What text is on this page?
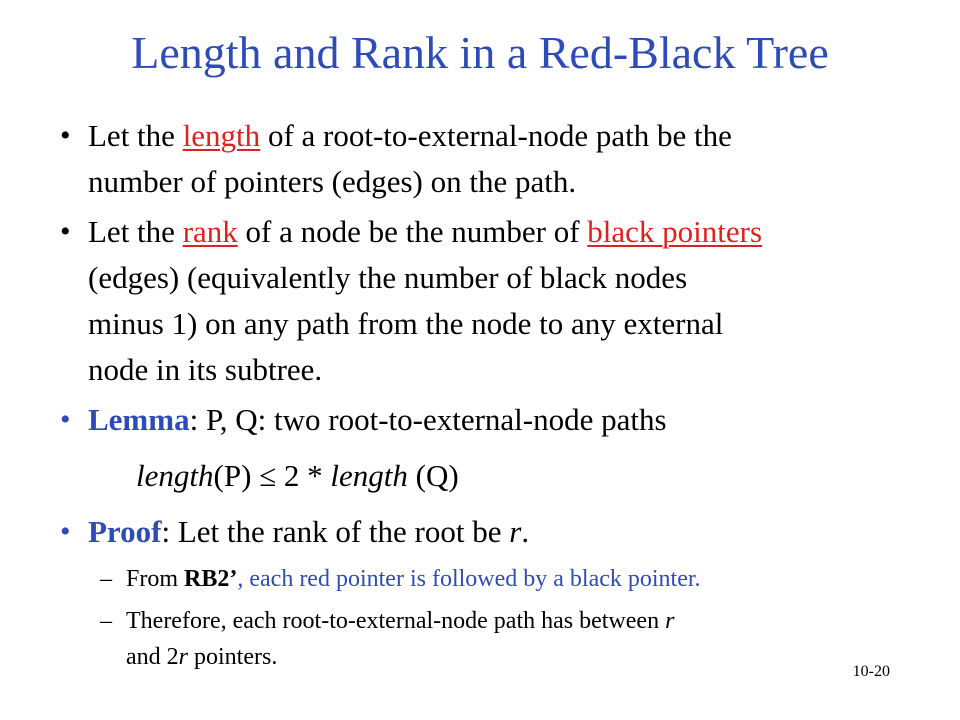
Length and Rank in a Red-Black Tree
• Let the length of a root-to-external-node path be the
number of pointers (edges) on the path.
• Let the rank of a node be the number of black pointers
(edges) (equivalently the number of black nodes
minus 1) on any path from the node to any external
node in its subtree.
• Lemma: P, Q: two root-to-external-node paths
length(P) ≤ 2 * length (Q)
• Proof: Let the rank of the root be r.
– From RB2’, each red pointer is followed by a black pointer.
– Therefore, each root-to-external-node path has between r
and 2r pointers.
10-20
